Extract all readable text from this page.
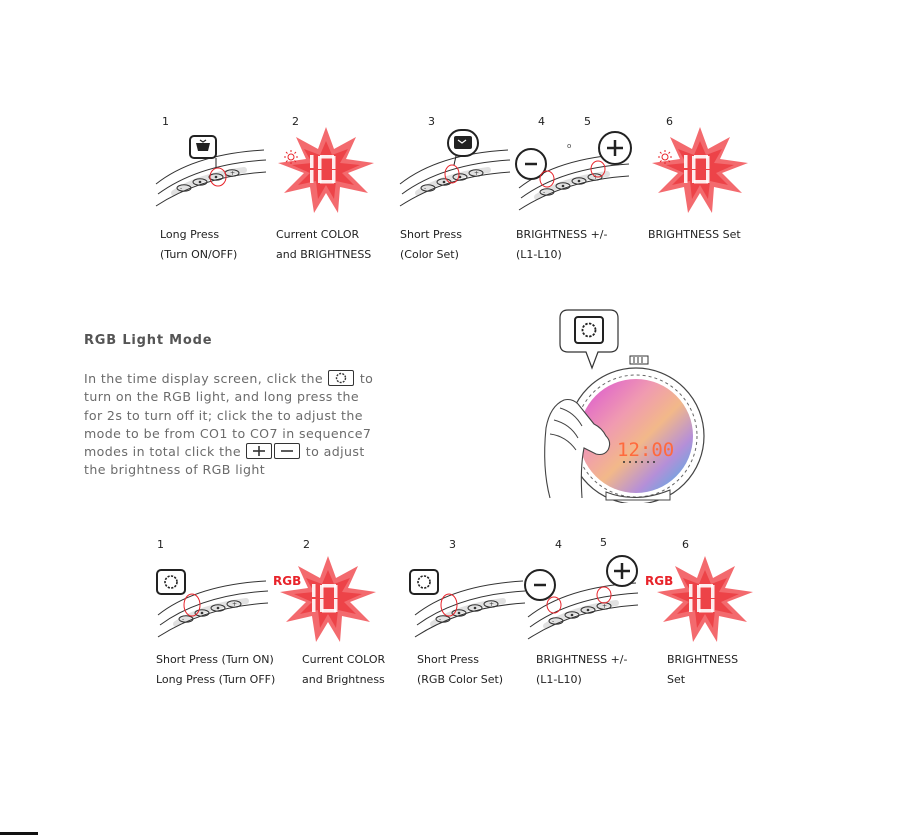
1	2	3	4	5	6
o
Long Press
(Turn ON/OFF)
Current COLOR
and BRIGHTNESS
Short Press
(Color Set)
BRIGHTNESS +/-
(L1-L10)
BRIGHTNESS Set
RGB Light Mode
In the time display screen, click the	to
turn on the RGB light, and long press the
for 2s to turn off it; click the to adjust the
mode to be from CO1 to CO7 in sequence7
modes in total click the	to adjust
the brightness of RGB light
12:00
1	2	3	4	5	6
RGB	RGB
Short Press (Turn ON)
Long Press (Turn OFF)
Current COLOR
and Brightness
Short Press
(RGB Color Set)
BRIGHTNESS +/-
(L1-L10)
BRIGHTNESS
Set
